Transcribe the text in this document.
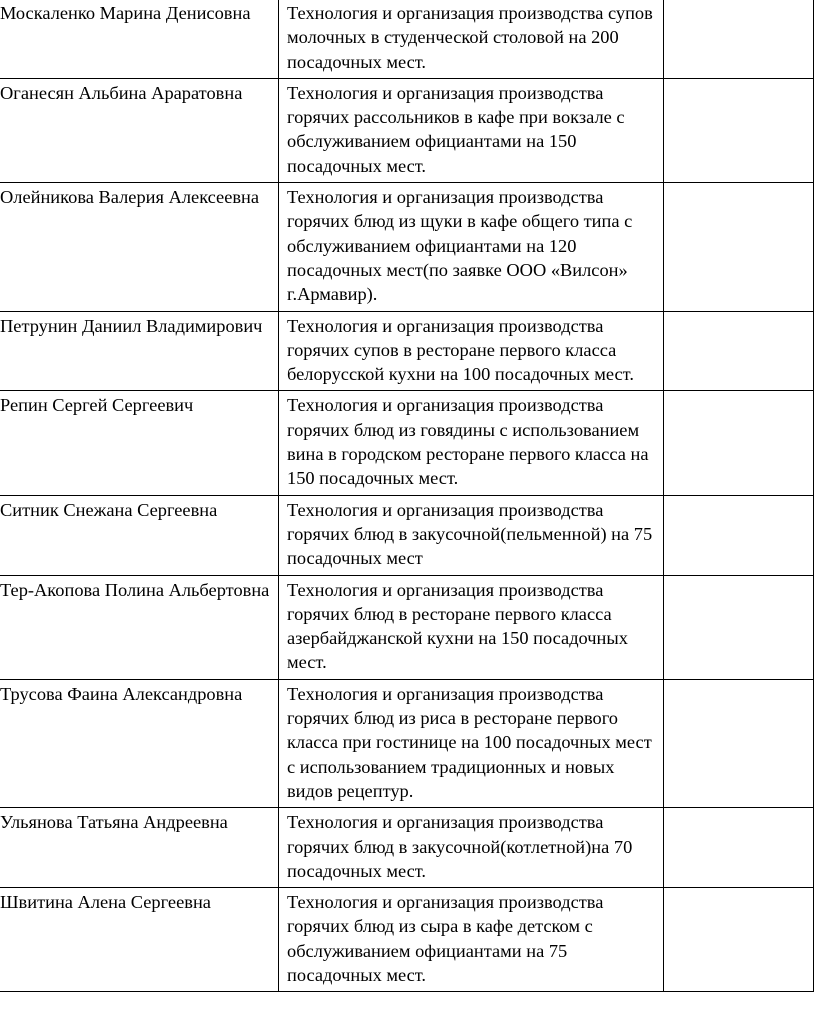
Москаленко Марина Денисовна	Технология и организация производства супов молочных в студенческой столовой на 200 посадочных мест.	
Оганесян Альбина Араратовна	Технология и организация производства горячих рассольников в кафе при вокзале с обслуживанием официантами на 150 посадочных мест.	
Олейникова Валерия Алексеевна	Технология и организация производства горячих блюд из щуки в кафе общего типа с обслуживанием официантами на 120 посадочных мест(по заявке ООО «Вилсон» г.Армавир).	
Петрунин Даниил Владимирович	Технология и организация производства горячих супов в ресторане первого класса белорусской кухни на 100 посадочных мест.	
Репин Сергей Сергеевич	Технология и организация производства горячих блюд из говядины с использованием вина в городском ресторане первого класса на 150 посадочных мест.	
Ситник Снежана Сергеевна	Технология и организация производства горячих блюд в закусочной(пельменной) на 75 посадочных мест	
Тер-Акопова Полина Альбертовна	Технология и организация производства горячих блюд в ресторане первого класса азербайджанской кухни на 150 посадочных мест.	
Трусова Фаина Александровна	Технология и организация производства горячих блюд из риса в ресторане первого класса при гостинице на 100 посадочных мест с использованием традиционных и новых видов рецептур.	
Ульянова Татьяна Андреевна	Технология и организация производства горячих блюд в закусочной(котлетной)на 70 посадочных мест.	
Швитина Алена Сергеевна	Технология и организация производства горячих блюд из сыра в кафе детском с обслуживанием официантами на 75 посадочных мест.	
